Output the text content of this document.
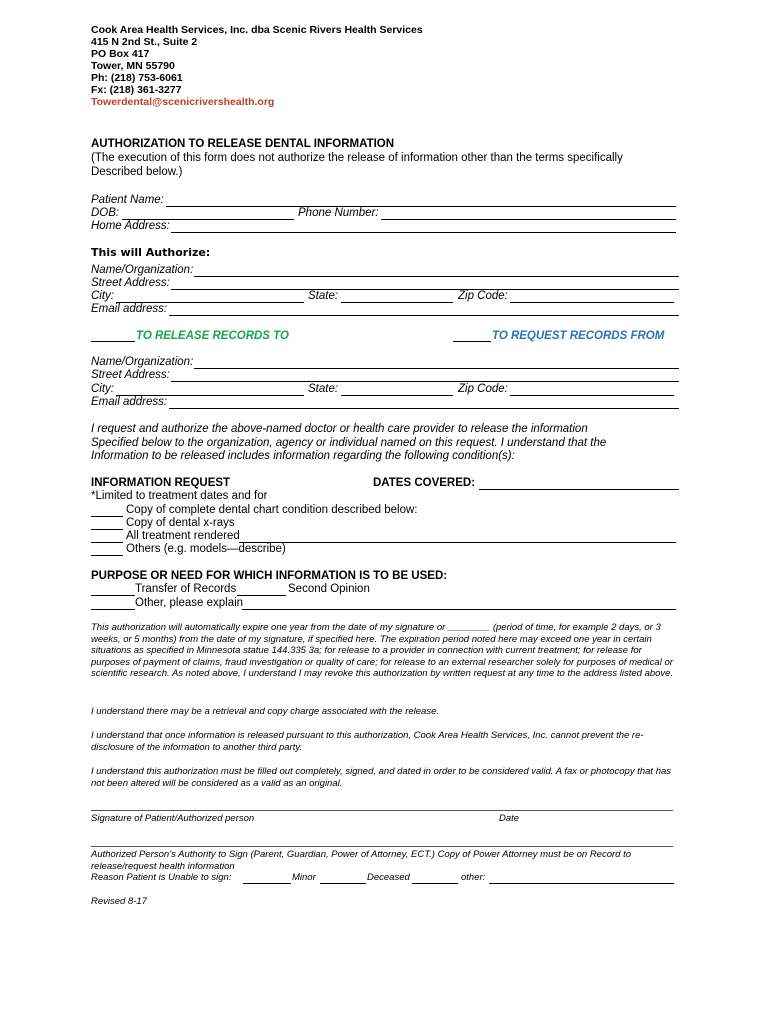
Cook Area Health Services, Inc. dba Scenic Rivers Health Services
415 N 2nd St., Suite 2
PO Box 417
Tower, MN 55790
Ph: (218) 753-6061
Fx: (218) 361-3277
Towerdental@scenicrivershealth.org
AUTHORIZATION TO RELEASE DENTAL INFORMATION
(The execution of this form does not authorize the release of information other than the terms specifically
Described below.)
Patient Name:
DOB:	Phone Number:
Home Address:
This will Authorize:
Name/Organization:
Street Address:
City:	State:	Zip Code:
Email address:
TO RELEASE RECORDS TO	TO REQUEST RECORDS FROM
Name/Organization:
Street Address:
City:	State:	Zip Code:
Email address:
I request and authorize the above-named doctor or health care provider to release the information
Specified below to the organization, agency or individual named on this request. I understand that the
Information to be released includes information regarding the following condition(s):
INFORMATION REQUEST	DATES COVERED:
*Limited to treatment dates and for
Copy of complete dental chart condition described below:
Copy of dental x-rays
All treatment rendered
Others (e.g. models—describe)
PURPOSE OR NEED FOR WHICH INFORMATION IS TO BE USED:
Transfer of Records	Second Opinion
Other, please explain
This authorization will automatically expire one year from the date of my signature or ________ (period of time, for example 2 days, or 3 weeks, or 5 months) from the date of my signature, if specified here. The expiration period noted here may exceed one year in certain situations as specified in Minnesota statue 144.335 3a; for release to a provider in connection with current treatment; for release for purposes of payment of claims, fraud investigation or quality of care; for release to an external researcher solely for purposes of medical or scientific research. As noted above, I understand I may revoke this authorization by written request at any time to the address listed above.
I understand there may be a retrieval and copy charge associated with the release.
I understand that once information is released pursuant to this authorization, Cook Area Health Services, Inc. cannot prevent the re-disclosure of the information to another third party.
I understand this authorization must be filled out completely, signed, and dated in order to be considered valid. A fax or photocopy that has not been altered will be considered as a valid as an original.
Signature of Patient/Authorized person	Date
Authorized Person’s Authority to Sign (Parent, Guardian, Power of Attorney, ECT.) Copy of Power Attorney must be on Record to release/request health information
Reason Patient is Unable to sign:	Minor	Deceased	other:
Revised 8-17
